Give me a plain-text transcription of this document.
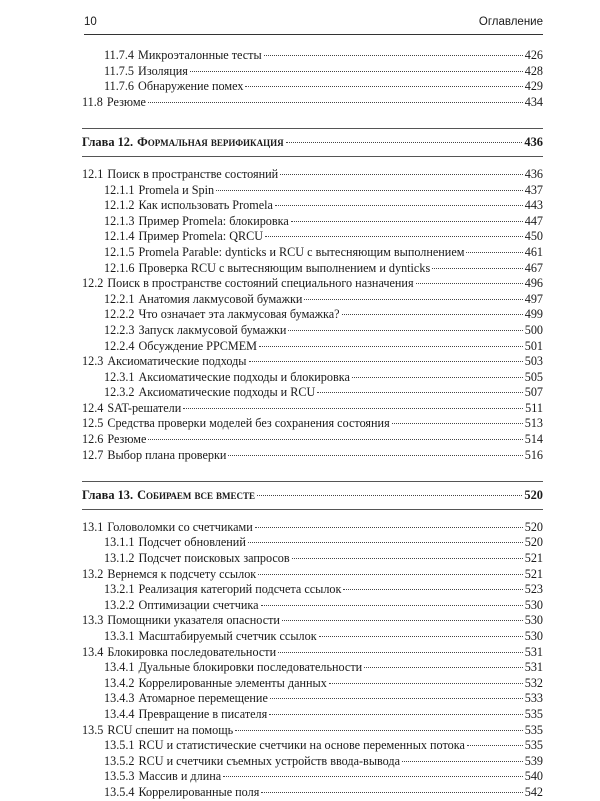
10	Оглавление
11.7.4 Микроэталонные тесты	426
11.7.5 Изоляция	428
11.7.6 Обнаружение помех	429
11.8 Резюме	434
Глава 12. Формальная верификация	436
12.1 Поиск в пространстве состояний	436
12.1.1 Promela и Spin	437
12.1.2 Как использовать Promela	443
12.1.3 Пример Promela: блокировка	447
12.1.4 Пример Promela: QRCU	450
12.1.5 Promela Parable: dynticks и RCU с вытесняющим выполнением	461
12.1.6 Проверка RCU с вытесняющим выполнением и dynticks	467
12.2 Поиск в пространстве состояний специального назначения	496
12.2.1 Анатомия лакмусовой бумажки	497
12.2.2 Что означает эта лакмусовая бумажка?	499
12.2.3 Запуск лакмусовой бумажки	500
12.2.4 Обсуждение PPCMEM	501
12.3 Аксиоматические подходы	503
12.3.1 Аксиоматические подходы и блокировка	505
12.3.2 Аксиоматические подходы и RCU	507
12.4 SAT-решатели	511
12.5 Средства проверки моделей без сохранения состояния	513
12.6 Резюме	514
12.7 Выбор плана проверки	516
Глава 13. Собираем все вместе	520
13.1 Головоломки со счетчиками	520
13.1.1 Подсчет обновлений	520
13.1.2 Подсчет поисковых запросов	521
13.2 Вернемся к подсчету ссылок	521
13.2.1 Реализация категорий подсчета ссылок	523
13.2.2 Оптимизации счетчика	530
13.3 Помощники указателя опасности	530
13.3.1 Масштабируемый счетчик ссылок	530
13.4 Блокировка последовательности	531
13.4.1 Дуальные блокировки последовательности	531
13.4.2 Коррелированные элементы данных	532
13.4.3 Атомарное перемещение	533
13.4.4 Превращение в писателя	535
13.5 RCU спешит на помощь	535
13.5.1 RCU и статистические счетчики на основе переменных потока	535
13.5.2 RCU и счетчики съемных устройств ввода-вывода	539
13.5.3 Массив и длина	540
13.5.4 Коррелированные поля	542
